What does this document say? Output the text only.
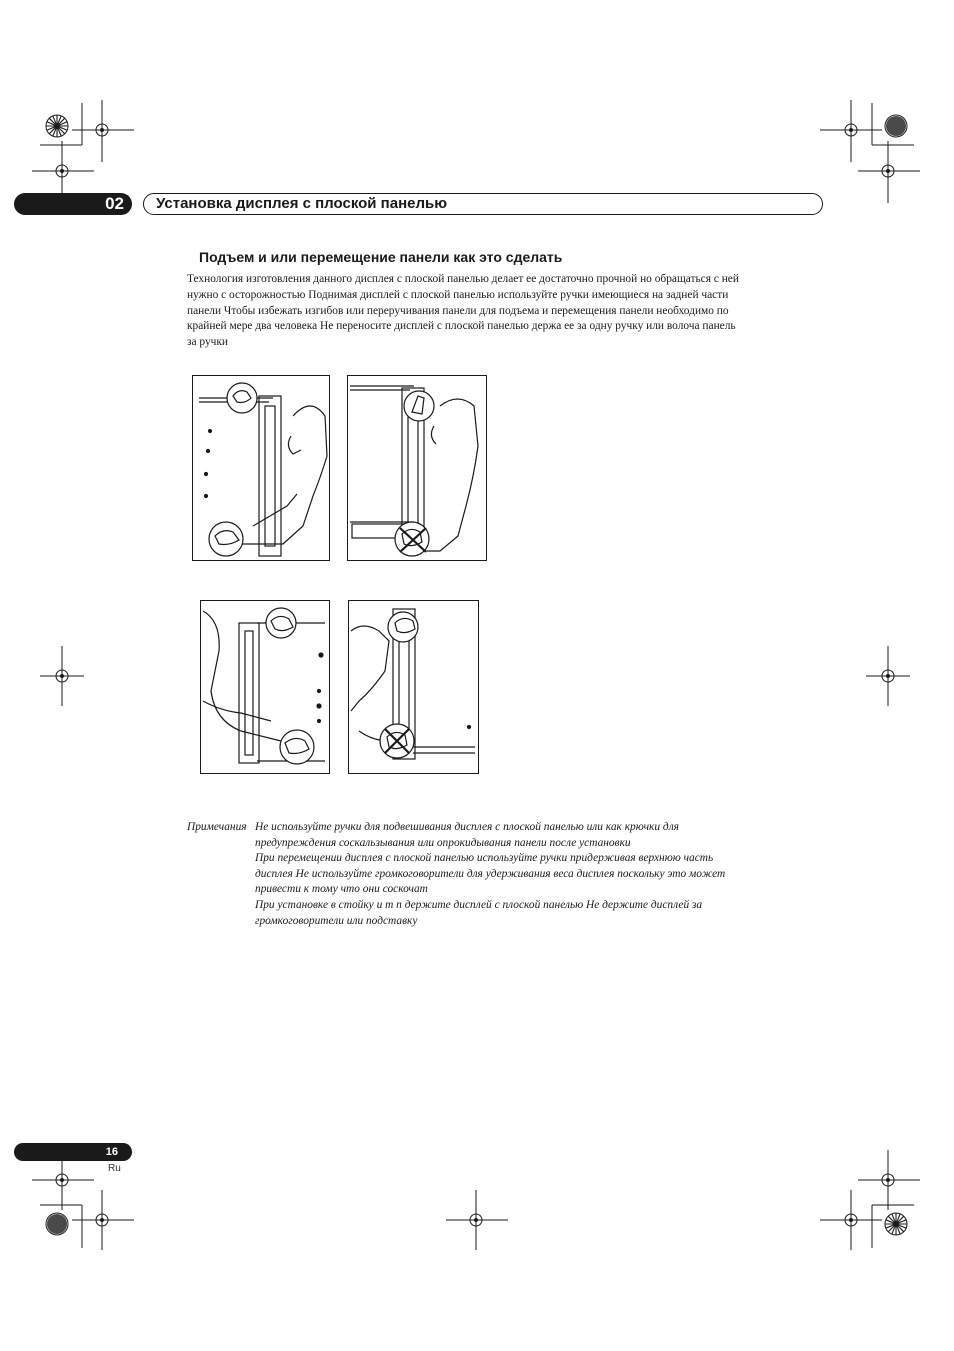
02 Установка дисплея с плоской панелью
Подъем и или перемещение панели как это сделать

Технология изготовления данного дисплея с плоской панелью делает ее достаточно прочной но обращаться с ней
нужно с осторожностью Поднимая дисплей с плоской панелью используйте ручки имеющиеся на задней части
панели Чтобы избежать изгибов или переручивания панели для подъема и перемещения панели необходимо по
крайней мере два человека Не переносите дисплей с плоской панелью держа ее за одну ручку или волоча панель
за ручки

Примечания Не используйте ручки для подвешивания дисплея с плоской панелью или как крючки для
предупреждения соскальзывания или опрокидывания панели после установки
При перемещении дисплея с плоской панелью используйте ручки придерживая верхнюю часть
дисплея Не используйте громкоговорители для удерживания веса дисплея поскольку это может
привести к тому что они соскочат
При установке в стойку и т п держите дисплей с плоской панелью Не держите дисплей за
громкоговорители или подставку
16
Ru
